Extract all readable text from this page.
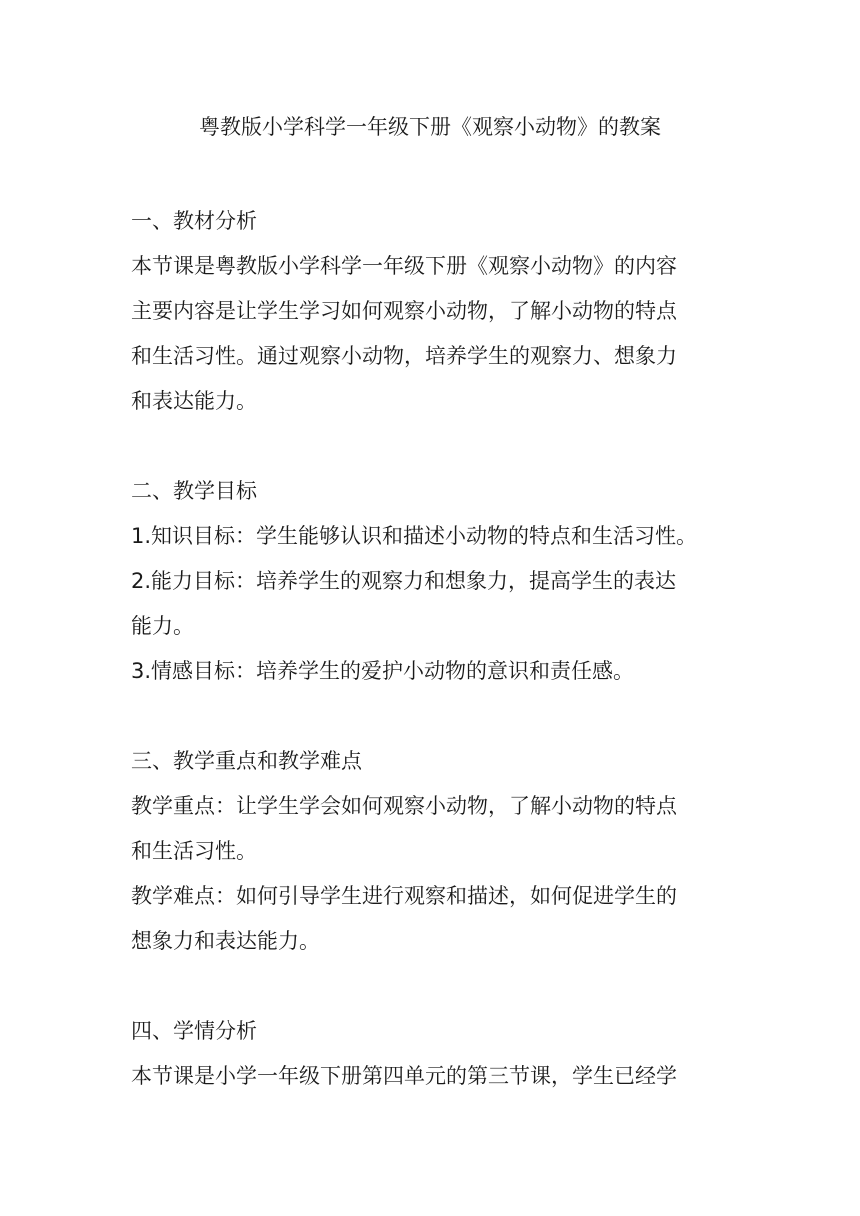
粤教版小学科学一年级下册《观察小动物》的教案
一、教材分析
本节课是粤教版小学科学一年级下册《观察小动物》的内容
主要内容是让学生学习如何观察小动物，了解小动物的特点
和生活习性。通过观察小动物，培养学生的观察力、想象力
和表达能力。
二、教学目标
1.知识目标：学生能够认识和描述小动物的特点和生活习性。
2.能力目标：培养学生的观察力和想象力，提高学生的表达
能力。
3.情感目标：培养学生的爱护小动物的意识和责任感。
三、教学重点和教学难点
教学重点：让学生学会如何观察小动物，了解小动物的特点
和生活习性。
教学难点：如何引导学生进行观察和描述，如何促进学生的
想象力和表达能力。
四、学情分析
本节课是小学一年级下册第四单元的第三节课，学生已经学
